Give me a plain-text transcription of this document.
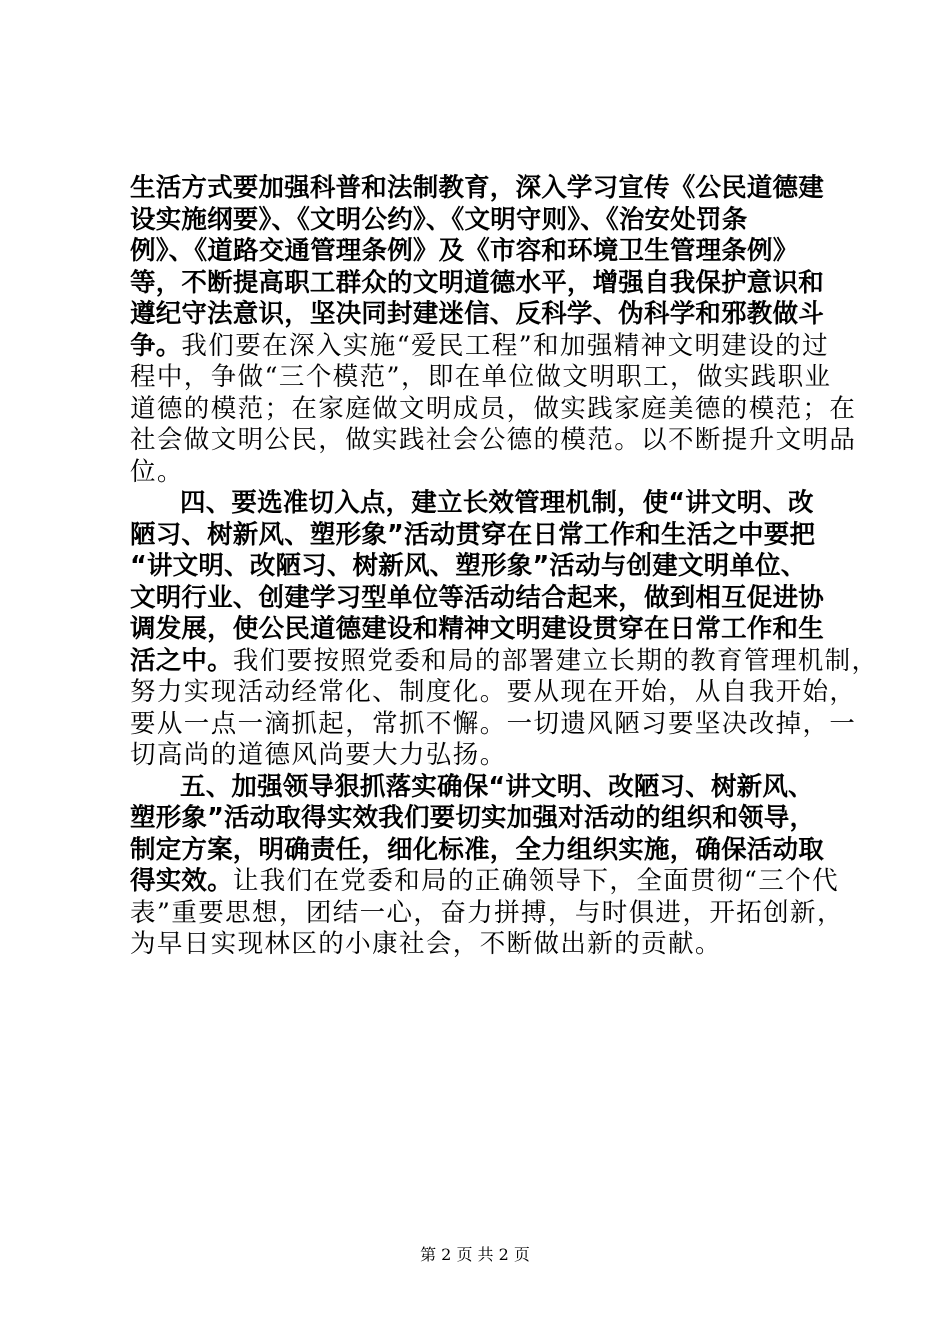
生活方式要加强科普和法制教育，深入学习宣传《公民道德建
设实施纲要》、《文明公约》、《文明守则》、《治安处罚条
例》、《道路交通管理条例》及《市容和环境卫生管理条例》
等，不断提高职工群众的文明道德水平，增强自我保护意识和
遵纪守法意识，坚决同封建迷信、反科学、伪科学和邪教做斗
争。我们要在深入实施“爱民工程”和加强精神文明建设的过
程中，争做“三个模范”，即在单位做文明职工，做实践职业
道德的模范；在家庭做文明成员，做实践家庭美德的模范；在
社会做文明公民，做实践社会公德的模范。以不断提升文明品
位。
四、要选准切入点，建立长效管理机制，使“讲文明、改
陋习、树新风、塑形象”活动贯穿在日常工作和生活之中要把
“讲文明、改陋习、树新风、塑形象”活动与创建文明单位、
文明行业、创建学习型单位等活动结合起来，做到相互促进协
调发展，使公民道德建设和精神文明建设贯穿在日常工作和生
活之中。我们要按照党委和局的部署建立长期的教育管理机制，
努力实现活动经常化、制度化。要从现在开始，从自我开始，
要从一点一滴抓起，常抓不懈。一切遗风陋习要坚决改掉，一
切高尚的道德风尚要大力弘扬。
五、加强领导狠抓落实确保“讲文明、改陋习、树新风、
塑形象”活动取得实效我们要切实加强对活动的组织和领导，
制定方案，明确责任，细化标准，全力组织实施，确保活动取
得实效。让我们在党委和局的正确领导下，全面贯彻“三个代
表”重要思想，团结一心，奋力拼搏，与时俱进，开拓创新，
为早日实现林区的小康社会，不断做出新的贡献。
第 2 页 共 2 页
